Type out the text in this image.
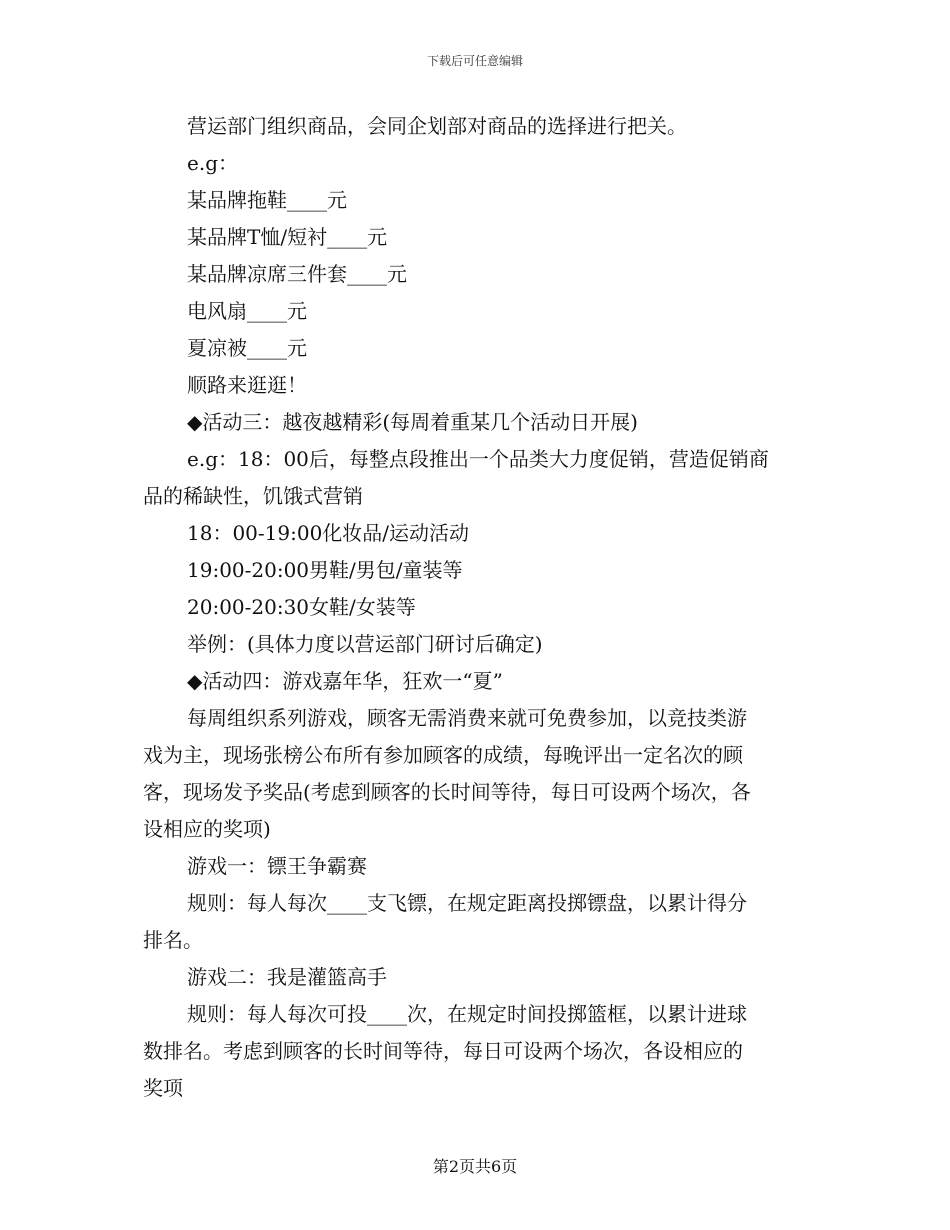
下载后可任意编辑
营运部门组织商品，会同企划部对商品的选择进行把关。
e.g：
某品牌拖鞋____元
某品牌T恤/短衬____元
某品牌凉席三件套____元
电风扇____元
夏凉被____元
顺路来逛逛！
◆活动三：越夜越精彩(每周着重某几个活动日开展)
e.g：18：00后，每整点段推出一个品类大力度促销，营造促销商
品的稀缺性，饥饿式营销
18：00-19:00化妆品/运动活动
19:00-20:00男鞋/男包/童装等
20:00-20:30女鞋/女装等
举例：(具体力度以营运部门研讨后确定)
◆活动四：游戏嘉年华，狂欢一“夏”
每周组织系列游戏，顾客无需消费来就可免费参加，以竞技类游
戏为主，现场张榜公布所有参加顾客的成绩，每晚评出一定名次的顾
客，现场发予奖品(考虑到顾客的长时间等待，每日可设两个场次，各
设相应的奖项)
游戏一：镖王争霸赛
规则：每人每次____支飞镖，在规定距离投掷镖盘，以累计得分
排名。
游戏二：我是灌篮高手
规则：每人每次可投____次，在规定时间投掷篮框，以累计进球
数排名。考虑到顾客的长时间等待，每日可设两个场次，各设相应的
奖项
第2页共6页
